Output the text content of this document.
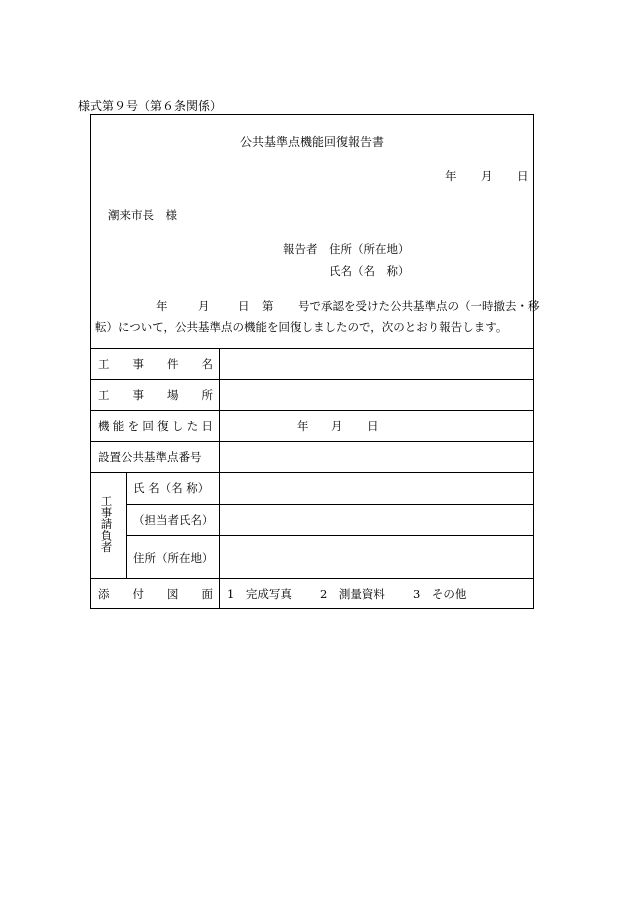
様式第９号（第６条関係）
公共基準点機能回復報告書
年 月 日
潮来市長　様
報告者　住所（所在地）
氏名（名　称）
年	月 日 第 号で承認を受けた公共基準点の（一時撤去・移
転）について，公共基準点の機能を回復しましたので，次のとおり報告します。
工 事 件 名
工 事 場 所
機 能 を 回 復 し た 日	年 月 日
設置公共基準点番号
工事請負者
氏 名（名 称）
（担当者氏名）
住所（所在地）
添 付 図 面 1　完成写真 2　測量資料 3　その他
